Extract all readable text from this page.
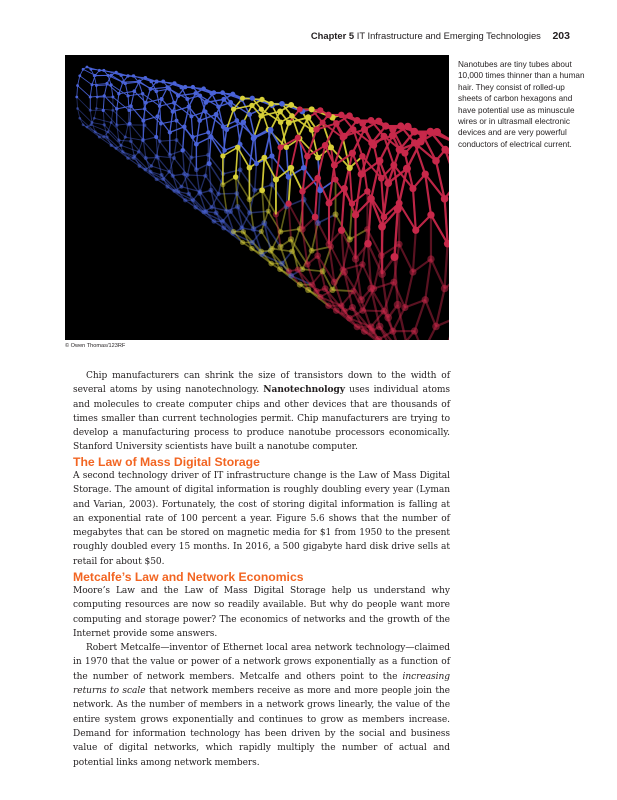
Chapter 5 IT Infrastructure and Emerging Technologies 203
© Owen Thomas/123RF
Nanotubes are tiny tubes about 10,000 times thinner than a human hair. They consist of rolled-up sheets of carbon hexagons and have potential use as minuscule wires or in ultrasmall electronic devices and are very powerful conductors of electrical current.

Chip manufacturers can shrink the size of transistors down to the width of several atoms by using nanotechnology. Nanotechnology uses individual atoms and molecules to create computer chips and other devices that are thousands of times smaller than current technologies permit. Chip manufacturers are trying to develop a manufacturing process to produce nanotube processors economically. Stanford University scientists have built a nanotube computer.

The Law of Mass Digital Storage

A second technology driver of IT infrastructure change is the Law of Mass Digital Storage. The amount of digital information is roughly doubling every year (Lyman and Varian, 2003). Fortunately, the cost of storing digital information is falling at an exponential rate of 100 percent a year. Figure 5.6 shows that the number of megabytes that can be stored on magnetic media for $1 from 1950 to the present roughly doubled every 15 months. In 2016, a 500 gigabyte hard disk drive sells at retail for about $50.

Metcalfe’s Law and Network Economics

Moore’s Law and the Law of Mass Digital Storage help us understand why computing resources are now so readily available. But why do people want more computing and storage power? The economics of networks and the growth of the Internet provide some answers.

Robert Metcalfe—inventor of Ethernet local area network technology—claimed in 1970 that the value or power of a network grows exponentially as a function of the number of network members. Metcalfe and others point to the increasing returns to scale that network members receive as more and more people join the network. As the number of members in a network grows linearly, the value of the entire system grows exponentially and continues to grow as members increase. Demand for information technology has been driven by the social and business value of digital networks, which rapidly multiply the number of actual and potential links among network members.
